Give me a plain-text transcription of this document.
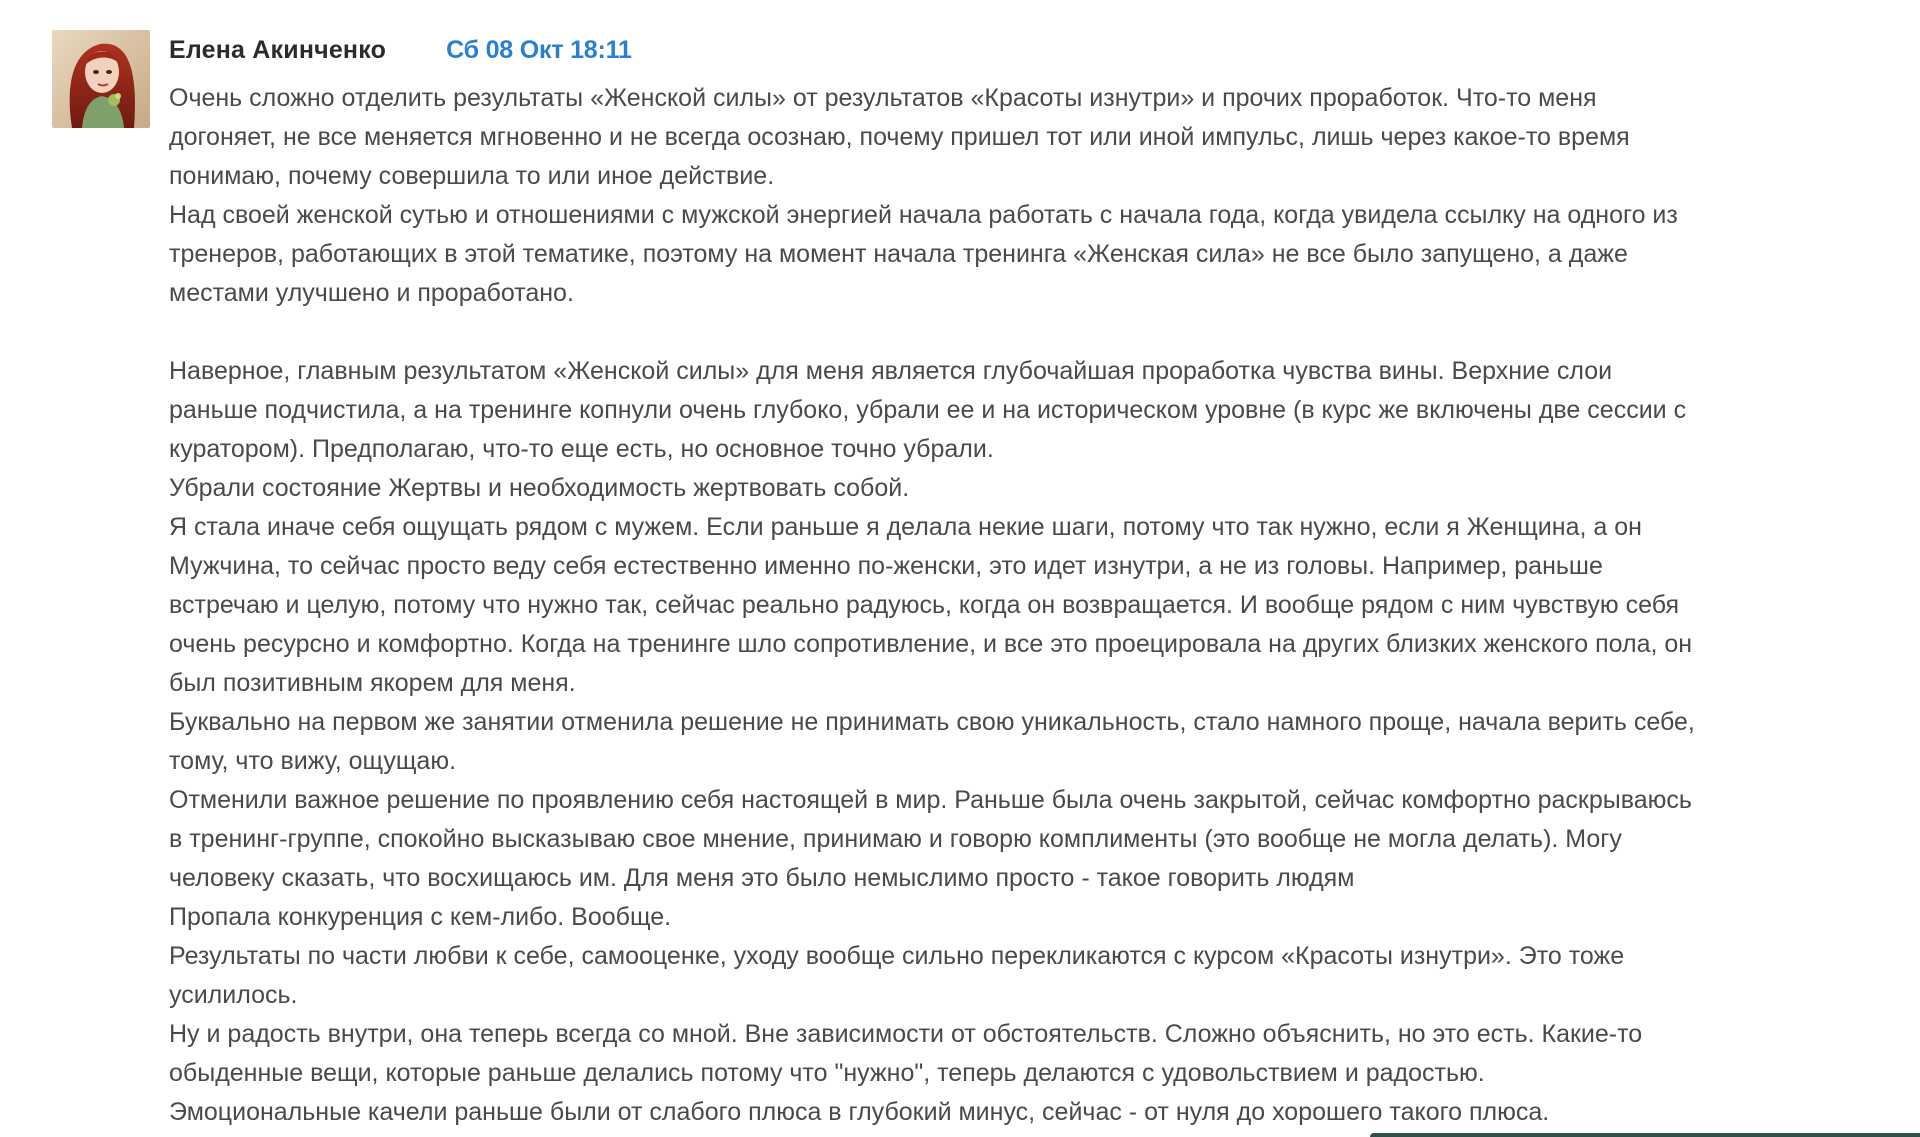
Елена Акинченко Сб 08 Окт 18:11

Очень сложно отделить результаты «Женской силы» от результатов «Красоты изнутри» и прочих проработок. Что-то меня догоняет, не все меняется мгновенно и не всегда осознаю, почему пришел тот или иной импульс, лишь через какое-то время понимаю, почему совершила то или иное действие.

Над своей женской сутью и отношениями с мужской энергией начала работать с начала года, когда увидела ссылку на одного из тренеров, работающих в этой тематике, поэтому на момент начала тренинга «Женская сила» не все было запущено, а даже местами улучшено и проработано.

Наверное, главным результатом «Женской силы» для меня является глубочайшая проработка чувства вины. Верхние слои раньше подчистила, а на тренинге копнули очень глубоко, убрали ее и на историческом уровне (в курс же включены две сессии с куратором). Предполагаю, что-то еще есть, но основное точно убрали.

Убрали состояние Жертвы и необходимость жертвовать собой.

Я стала иначе себя ощущать рядом с мужем. Если раньше я делала некие шаги, потому что так нужно, если я Женщина, а он Мужчина, то сейчас просто веду себя естественно именно по-женски, это идет изнутри, а не из головы. Например, раньше встречаю и целую, потому что нужно так, сейчас реально радуюсь, когда он возвращается. И вообще рядом с ним чувствую себя очень ресурсно и комфортно. Когда на тренинге шло сопротивление, и все это проецировала на других близких женского пола, он был позитивным якорем для меня.

Буквально на первом же занятии отменила решение не принимать свою уникальность, стало намного проще, начала верить себе, тому, что вижу, ощущаю.

Отменили важное решение по проявлению себя настоящей в мир. Раньше была очень закрытой, сейчас комфортно раскрываюсь в тренинг-группе, спокойно высказываю свое мнение, принимаю и говорю комплименты (это вообще не могла делать). Могу человеку сказать, что восхищаюсь им. Для меня это было немыслимо просто - такое говорить людям

Пропала конкуренция с кем-либо. Вообще.

Результаты по части любви к себе, самооценке, уходу вообще сильно перекликаются с курсом «Красоты изнутри». Это тоже усилилось.

Ну и радость внутри, она теперь всегда со мной. Вне зависимости от обстоятельств. Сложно объяснить, но это есть. Какие-то обыденные вещи, которые раньше делались потому что "нужно", теперь делаются с удовольствием и радостью.

Эмоциональные качели раньше были от слабого плюса в глубокий минус, сейчас - от нуля до хорошего такого плюса.
